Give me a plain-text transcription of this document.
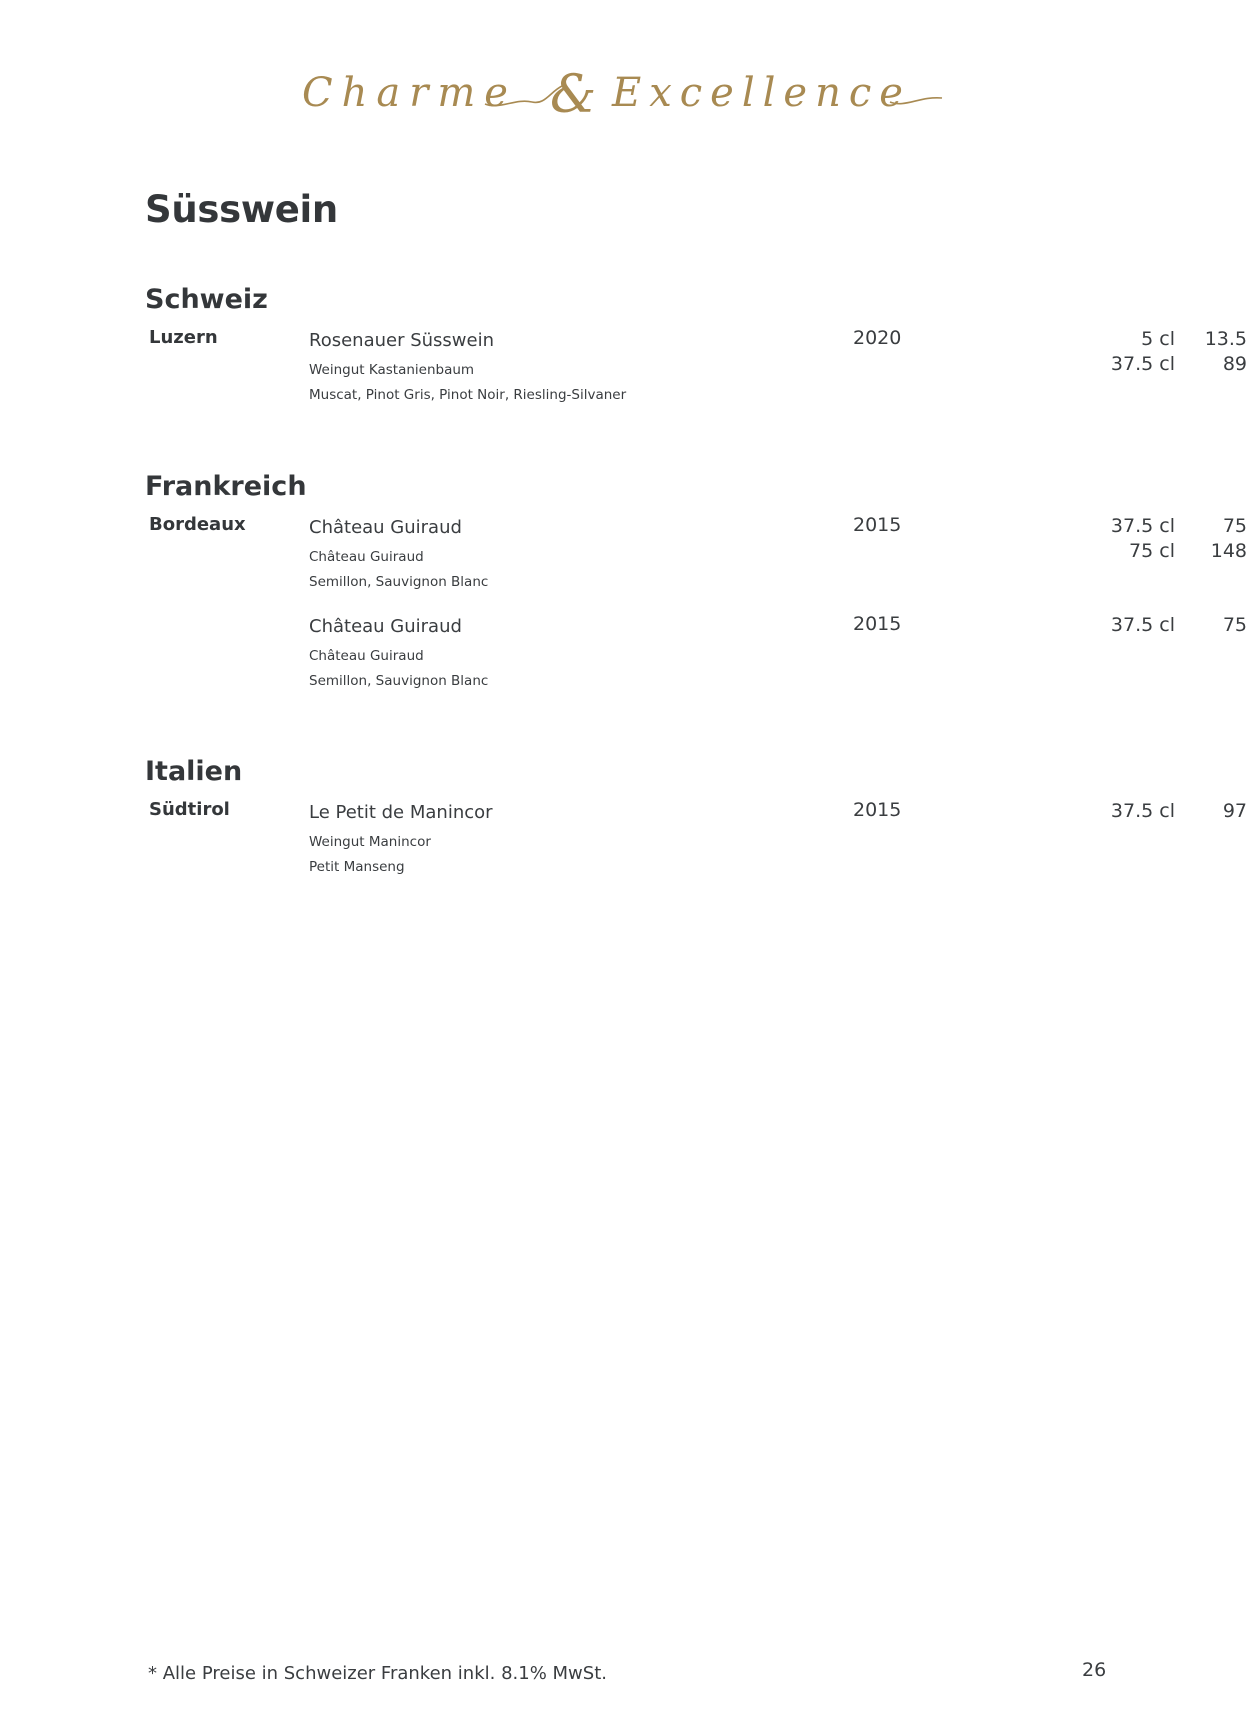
Charme & Excellence
Süsswein
Schweiz
Luzern	Rosenauer Süsswein
Weingut Kastanienbaum
Muscat, Pinot Gris, Pinot Noir, Riesling-Silvaner
2020	5 cl	13.5
37.5 cl	89
Frankreich
Bordeaux	Château Guiraud
Château Guiraud
Semillon, Sauvignon Blanc
2015	37.5 cl	75
75 cl	148
Château Guiraud
Château Guiraud
Semillon, Sauvignon Blanc
2015	37.5 cl	75
Italien
Südtirol	Le Petit de Manincor
Weingut Manincor
Petit Manseng
2015	37.5 cl	97
* Alle Preise in Schweizer Franken inkl. 8.1% MwSt.	26
